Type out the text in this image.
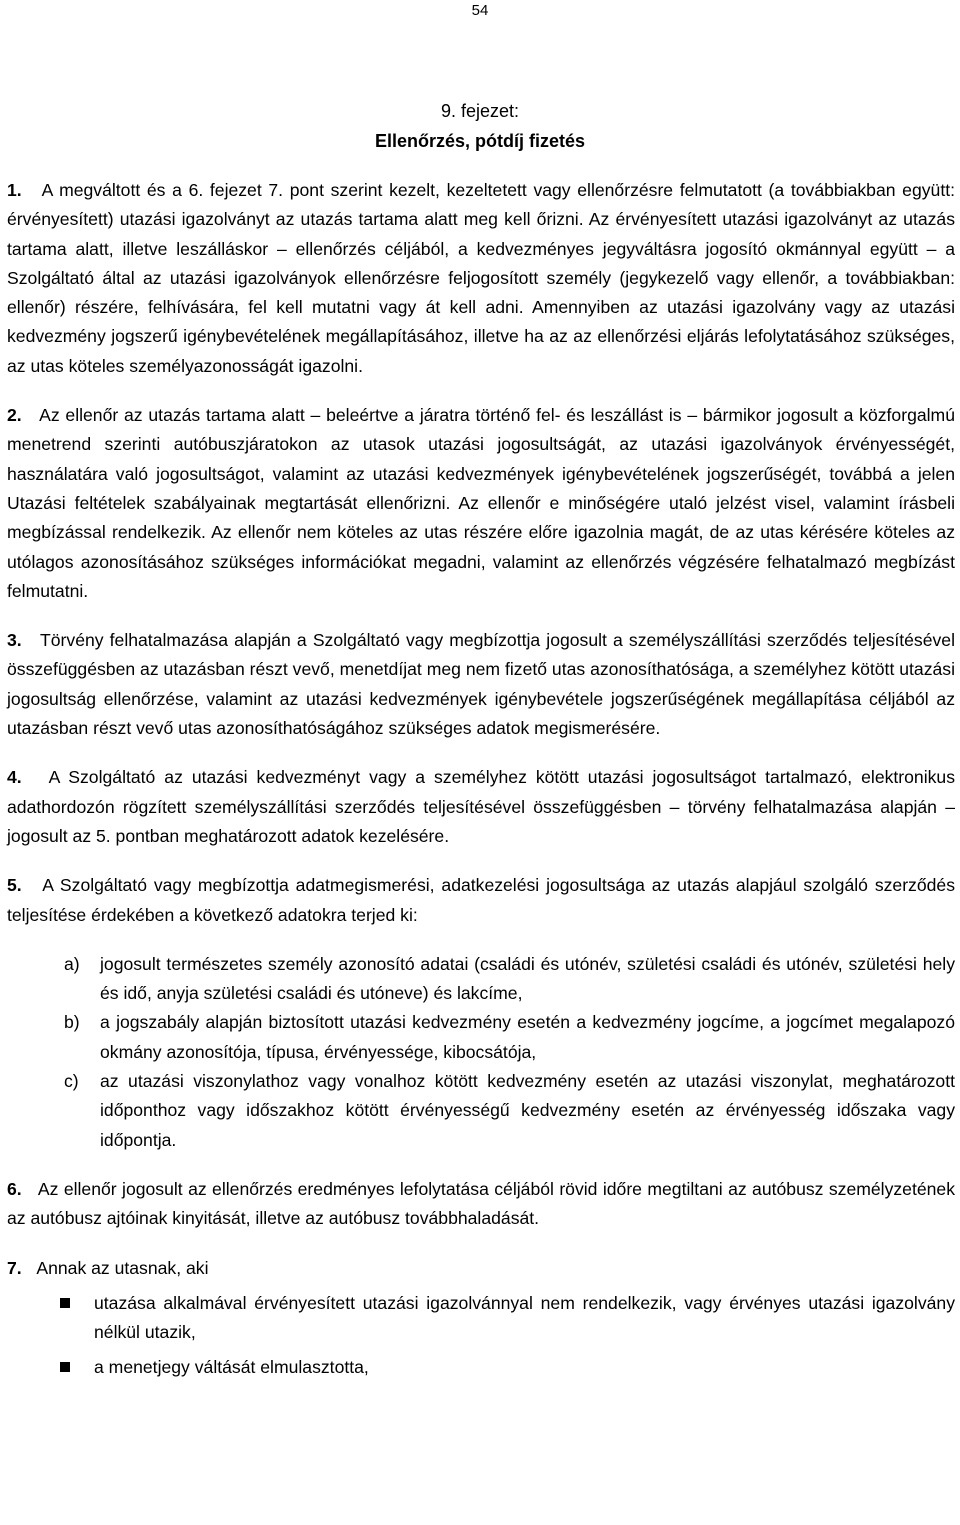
54
9. fejezet:
Ellenőrzés, pótdíj fizetés

1. A megváltott és a 6. fejezet 7. pont szerint kezelt, kezeltetett vagy ellenőrzésre felmutatott (a továbbiakban együtt: érvényesített) utazási igazolványt az utazás tartama alatt meg kell őrizni. Az érvényesített utazási igazolványt az utazás tartama alatt, illetve leszálláskor – ellenőrzés céljából, a kedvezményes jegyváltásra jogosító okmánnyal együtt – a Szolgáltató által az utazási igazolványok ellenőrzésre feljogosított személy (jegykezelő vagy ellenőr, a továbbiakban: ellenőr) részére, felhívására, fel kell mutatni vagy át kell adni. Amennyiben az utazási igazolvány vagy az utazási kedvezmény jogszerű igénybevételének megállapításához, illetve ha az az ellenőrzési eljárás lefolytatásához szükséges, az utas köteles személyazonosságát igazolni.

2. Az ellenőr az utazás tartama alatt – beleértve a járatra történő fel- és leszállást is – bármikor jogosult a közforgalmú menetrend szerinti autóbuszjáratokon az utasok utazási jogosultságát, az utazási igazolványok érvényességét, használatára való jogosultságot, valamint az utazási kedvezmények igénybevételének jogszerűségét, továbbá a jelen Utazási feltételek szabályainak megtartását ellenőrizni. Az ellenőr e minőségére utaló jelzést visel, valamint írásbeli megbízással rendelkezik. Az ellenőr nem köteles az utas részére előre igazolnia magát, de az utas kérésére köteles az utólagos azonosításához szükséges információkat megadni, valamint az ellenőrzés végzésére felhatalmazó megbízást felmutatni.

3. Törvény felhatalmazása alapján a Szolgáltató vagy megbízottja jogosult a személyszállítási szerződés teljesítésével összefüggésben az utazásban részt vevő, menetdíjat meg nem fizető utas azonosíthatósága, a személyhez kötött utazási jogosultság ellenőrzése, valamint az utazási kedvezmények igénybevétele jogszerűségének megállapítása céljából az utazásban részt vevő utas azonosíthatóságához szükséges adatok megismerésére.

4. A Szolgáltató az utazási kedvezményt vagy a személyhez kötött utazási jogosultságot tartalmazó, elektronikus adathordozón rögzített személyszállítási szerződés teljesítésével összefüggésben – törvény felhatalmazása alapján – jogosult az 5. pontban meghatározott adatok kezelésére.

5. A Szolgáltató vagy megbízottja adatmegismerési, adatkezelési jogosultsága az utazás alapjául szolgáló szerződés teljesítése érdekében a következő adatokra terjed ki:

a) jogosult természetes személy azonosító adatai (családi és utónév, születési családi és utónév, születési hely és idő, anyja születési családi és utóneve) és lakcíme,
b) a jogszabály alapján biztosított utazási kedvezmény esetén a kedvezmény jogcíme, a jogcímet megalapozó okmány azonosítója, típusa, érvényessége, kibocsátója,
c) az utazási viszonylathoz vagy vonalhoz kötött kedvezmény esetén az utazási viszonylat, meghatározott időponthoz vagy időszakhoz kötött érvényességű kedvezmény esetén az érvényesség időszaka vagy időpontja.

6. Az ellenőr jogosult az ellenőrzés eredményes lefolytatása céljából rövid időre megtiltani az autóbusz személyzetének az autóbusz ajtóinak kinyitását, illetve az autóbusz továbbhaladását.

7. Annak az utasnak, aki

utazása alkalmával érvényesített utazási igazolvánnyal nem rendelkezik, vagy érvényes utazási igazolvány nélkül utazik,
a menetjegy váltását elmulasztotta,
